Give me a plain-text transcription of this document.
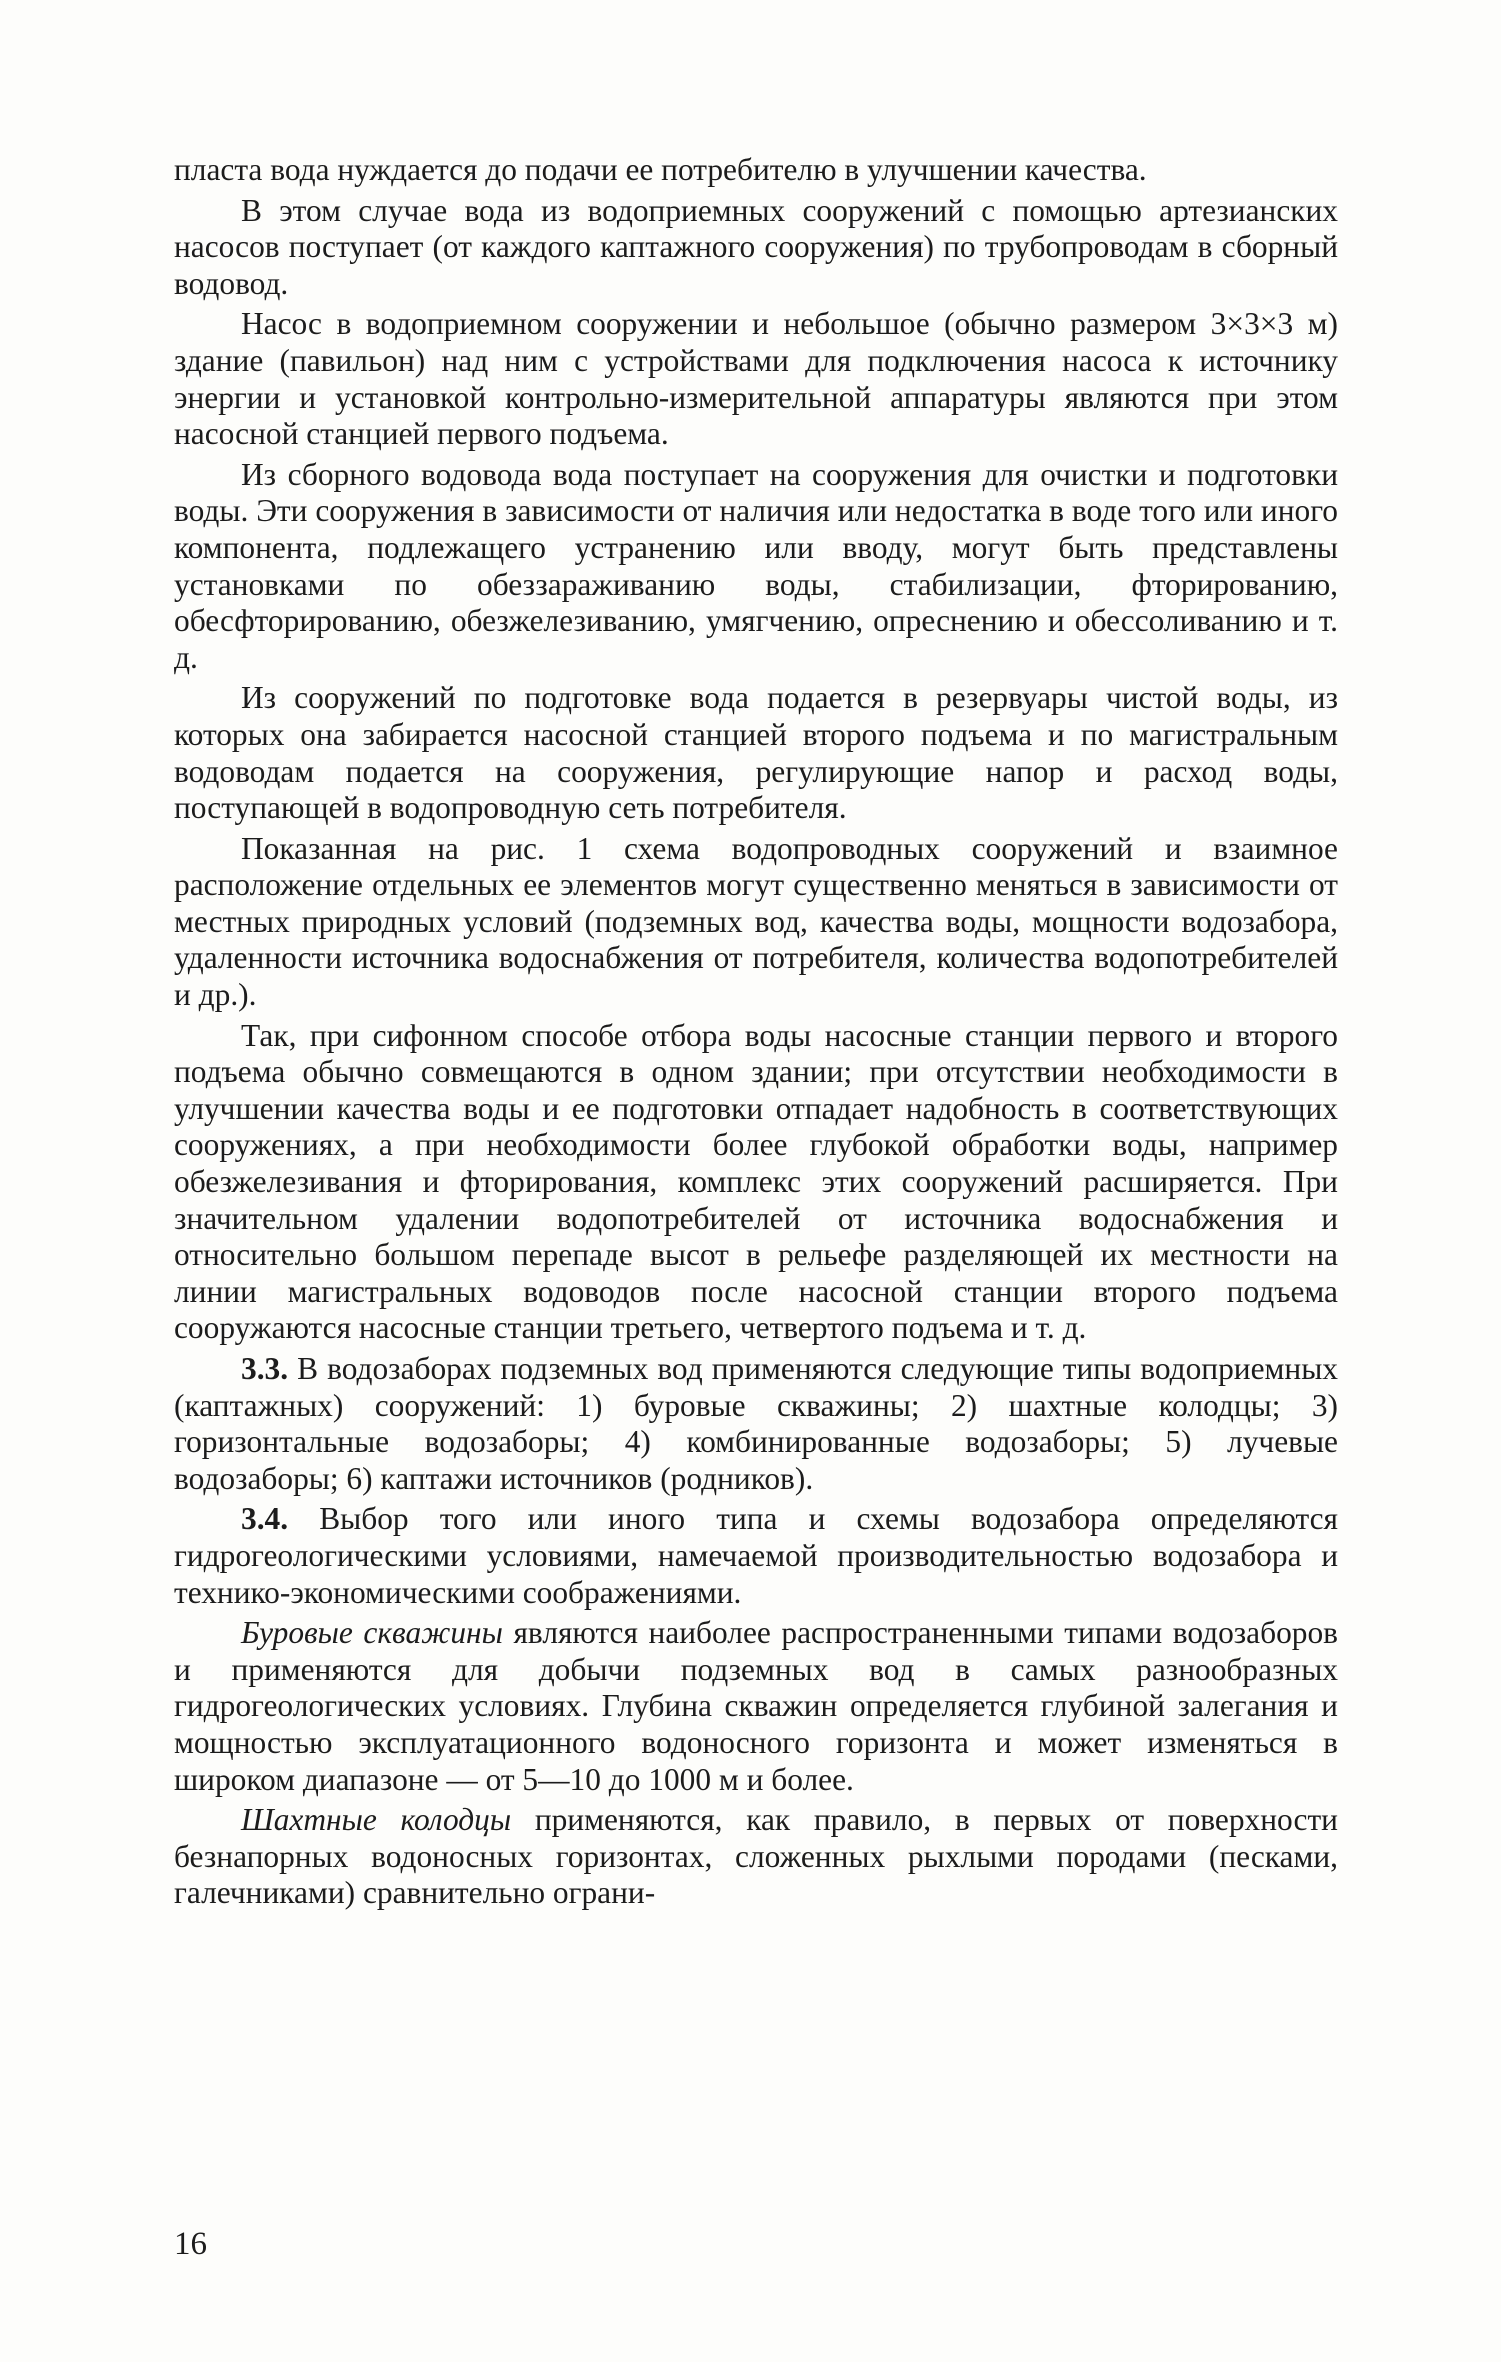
пласта вода нуждается до подачи ее потребителю в улучшении качества.

В этом случае вода из водоприемных сооружений с помощью артезианских насосов поступает (от каждого каптажного сооружения) по трубопроводам в сборный водовод.

Насос в водоприемном сооружении и небольшое (обычно размером 3×3×3 м) здание (павильон) над ним с устройствами для подключения насоса к источнику энергии и установкой контрольно-измерительной аппаратуры являются при этом насосной станцией первого подъема.

Из сборного водовода вода поступает на сооружения для очистки и подготовки воды. Эти сооружения в зависимости от наличия или недостатка в воде того или иного компонента, подлежащего устранению или вводу, могут быть представлены установками по обеззараживанию воды, стабилизации, фторированию, обесфторированию, обезжелезиванию, умягчению, опреснению и обессоливанию и т. д.

Из сооружений по подготовке вода подается в резервуары чистой воды, из которых она забирается насосной станцией второго подъема и по магистральным водоводам подается на сооружения, регулирующие напор и расход воды, поступающей в водопроводную сеть потребителя.

Показанная на рис. 1 схема водопроводных сооружений и взаимное расположение отдельных ее элементов могут существенно меняться в зависимости от местных природных условий (подземных вод, качества воды, мощности водозабора, удаленности источника водоснабжения от потребителя, количества водопотребителей и др.).

Так, при сифонном способе отбора воды насосные станции первого и второго подъема обычно совмещаются в одном здании; при отсутствии необходимости в улучшении качества воды и ее подготовки отпадает надобность в соответствующих сооружениях, а при необходимости более глубокой обработки воды, например обезжелезивания и фторирования, комплекс этих сооружений расширяется. При значительном удалении водопотребителей от источника водоснабжения и относительно большом перепаде высот в рельефе разделяющей их местности на линии магистральных водоводов после насосной станции второго подъема сооружаются насосные станции третьего, четвертого подъема и т. д.

3.3. В водозаборах подземных вод применяются следующие типы водоприемных (каптажных) сооружений: 1) буровые скважины; 2) шахтные колодцы; 3) горизонтальные водозаборы; 4) комбинированные водозаборы; 5) лучевые водозаборы; 6) каптажи источников (родников).

3.4. Выбор того или иного типа и схемы водозабора определяются гидрогеологическими условиями, намечаемой производительностью водозабора и технико-экономическими соображениями.

Буровые скважины являются наиболее распространенными типами водозаборов и применяются для добычи подземных вод в самых разнообразных гидрогеологических условиях. Глубина скважин определяется глубиной залегания и мощностью эксплуатационного водоносного горизонта и может изменяться в широком диапазоне — от 5—10 до 1000 м и более.

Шахтные колодцы применяются, как правило, в первых от поверхности безнапорных водоносных горизонтах, сложенных рыхлыми породами (песками, галечниками) сравнительно ограни-

16
